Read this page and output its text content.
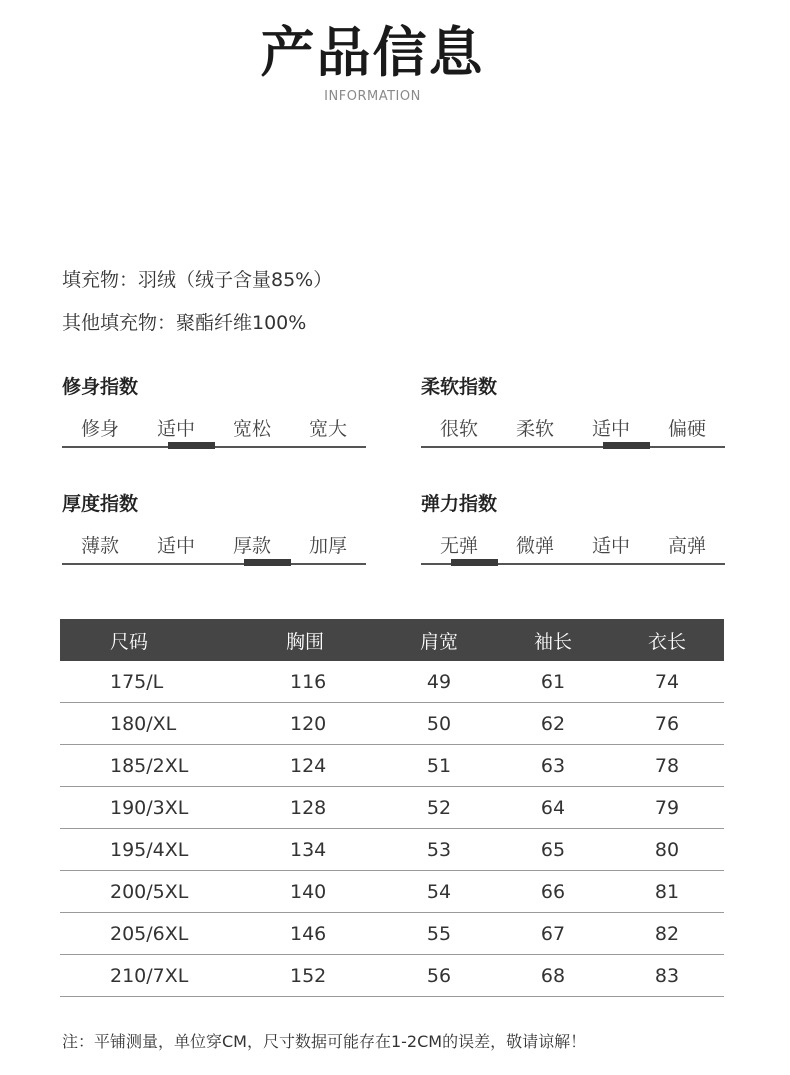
产品信息
INFORMATION
填充物：羽绒（绒子含量85%）
其他填充物：聚酯纤维100%
修身指数
修身	适中	宽松	宽大
柔软指数
很软	柔软	适中	偏硬
厚度指数
薄款	适中	厚款	加厚
弹力指数
无弹	微弹	适中	高弹
尺码	胸围	肩宽	袖长	衣长
175/L	116	49	61	74
180/XL	120	50	62	76
185/2XL	124	51	63	78
190/3XL	128	52	64	79
195/4XL	134	53	65	80
200/5XL	140	54	66	81
205/6XL	146	55	67	82
210/7XL	152	56	68	83
注：平铺测量，单位穿CM，尺寸数据可能存在1-2CM的误差，敬请谅解！
